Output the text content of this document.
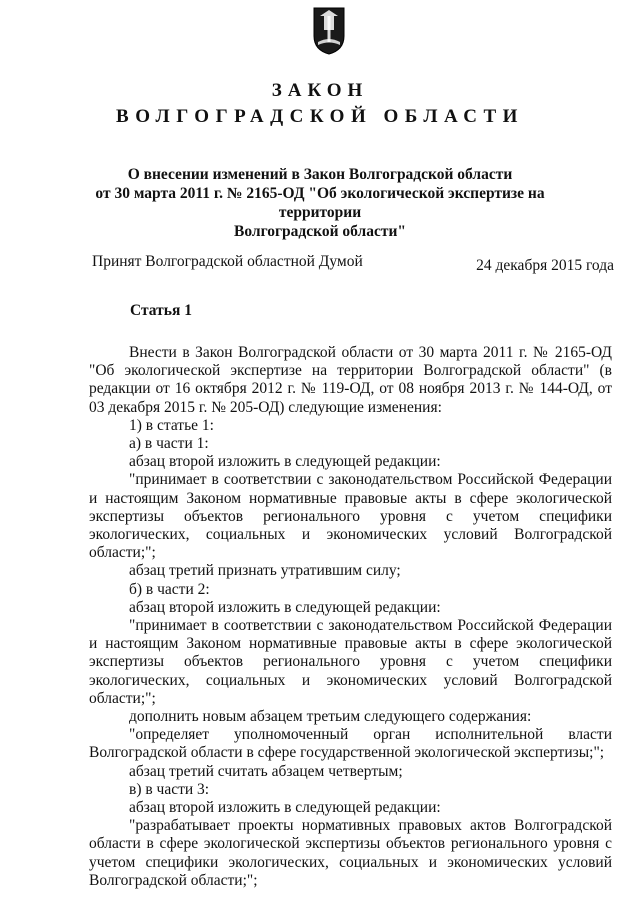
ЗАКОН
ВОЛГОГРАДСКОЙ ОБЛАСТИ
О внесении изменений в Закон Волгоградской области
от 30 марта 2011 г. № 2165-ОД "Об экологической экспертизе на территории
Волгоградской области"
Принят Волгоградской областной Думой	24 декабря 2015 года
Статья 1

Внести в Закон Волгоградской области от 30 марта 2011 г. № 2165-ОД "Об экологической экспертизе на территории Волгоградской области" (в редакции от 16 октября 2012 г. № 119-ОД, от 08 ноября 2013 г. № 144-ОД, от 03 декабря 2015 г. № 205-ОД) следующие изменения:

1) в статье 1:

а) в части 1:

абзац второй изложить в следующей редакции:

"принимает в соответствии с законодательством Российской Федерации и настоящим Законом нормативные правовые акты в сфере экологической экспертизы объектов регионального уровня с учетом специфики экологических, социальных и экономических условий Волгоградской области;";

абзац третий признать утратившим силу;

б) в части 2:

абзац второй изложить в следующей редакции:

"принимает в соответствии с законодательством Российской Федерации и настоящим Законом нормативные правовые акты в сфере экологической экспертизы объектов регионального уровня с учетом специфики экологических, социальных и экономических условий Волгоградской области;";

дополнить новым абзацем третьим следующего содержания:

"определяет уполномоченный орган исполнительной власти Волгоградской области в сфере государственной экологической экспертизы;";

абзац третий считать абзацем четвертым;

в) в части 3:

абзац второй изложить в следующей редакции:

"разрабатывает проекты нормативных правовых актов Волгоградской области в сфере экологической экспертизы объектов регионального уровня с учетом специфики экологических, социальных и экономических условий Волгоградской области;";
